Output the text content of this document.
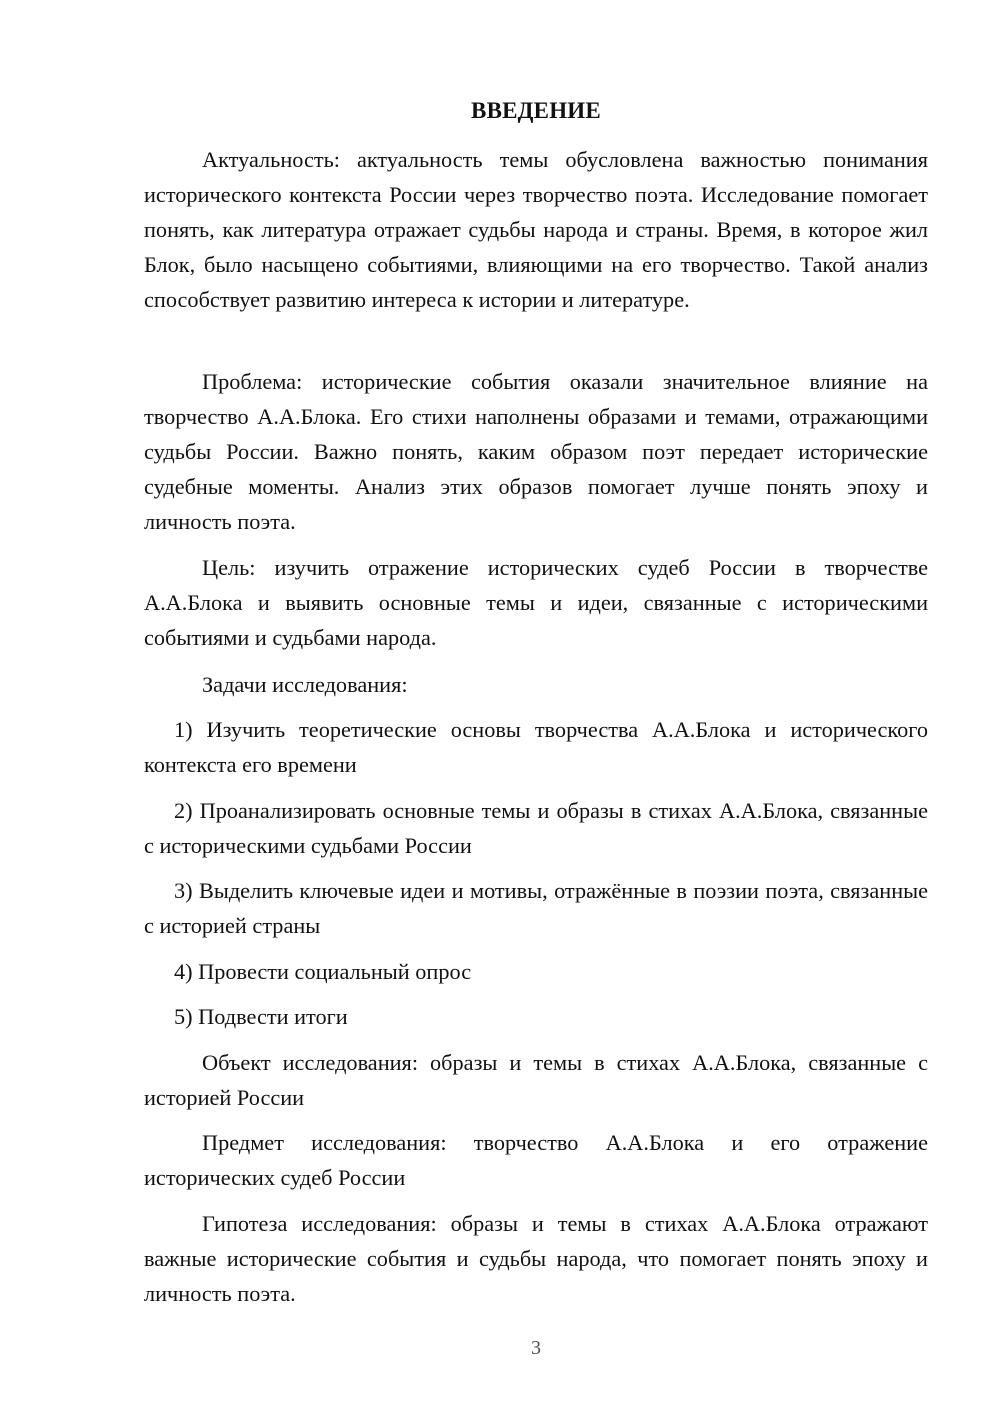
ВВЕДЕНИЕ

Актуальность: актуальность темы обусловлена важностью понимания исторического контекста России через творчество поэта. Исследование помогает понять, как литература отражает судьбы народа и страны. Время, в которое жил Блок, было насыщено событиями, влияющими на его творчество. Такой анализ способствует развитию интереса к истории и литературе.

Проблема: исторические события оказали значительное влияние на творчество А.А.Блока. Его стихи наполнены образами и темами, отражающими судьбы России. Важно понять, каким образом поэт передает исторические судебные моменты. Анализ этих образов помогает лучше понять эпоху и личность поэта.

Цель: изучить отражение исторических судеб России в творчестве А.А.Блока и выявить основные темы и идеи, связанные с историческими событиями и судьбами народа.

Задачи исследования:

1) Изучить теоретические основы творчества А.А.Блока и исторического контекста его времени

2) Проанализировать основные темы и образы в стихах А.А.Блока, связанные с историческими судьбами России

3) Выделить ключевые идеи и мотивы, отражённые в поэзии поэта, связанные с историей страны

4) Провести социальный опрос

5) Подвести итоги

Объект исследования: образы и темы в стихах А.А.Блока, связанные с историей России

Предмет исследования: творчество А.А.Блока и его отражение исторических судеб России

Гипотеза исследования: образы и темы в стихах А.А.Блока отражают важные исторические события и судьбы народа, что помогает понять эпоху и личность поэта.

3
